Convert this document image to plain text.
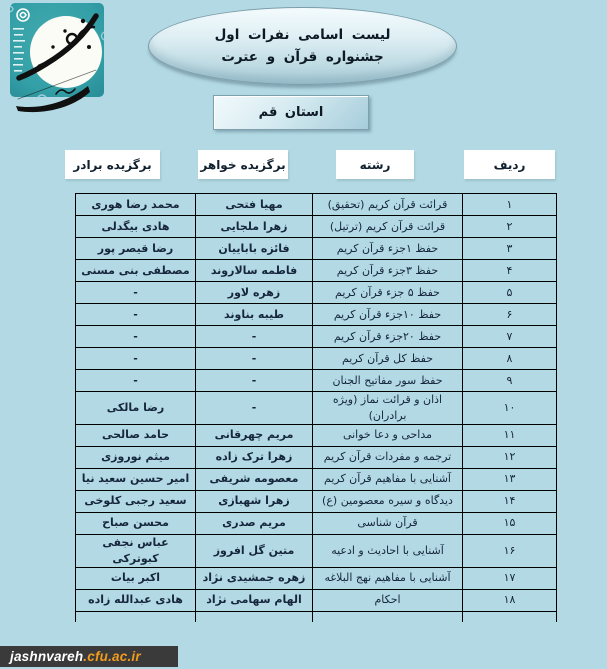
لیست اسامی نفرات اول
جشنواره قرآن و عترت
استان قم
برگزیده برادر	برگزیده خواهر	رشته	ردیف
۱	قرائت قرآن کریم (تحقیق)	مهیا فتحی	محمد رضا هوری
۲	قرائت قرآن کریم (ترتیل)	زهرا ملجایی	هادی بیگدلی
۳	حفظ ۱جزء قرآن کریم	فائزه باباییان	رضا قیصر پور
۴	حفظ ۳جزء قرآن کریم	فاطمه سالاروند	مصطفی بنی مسنی
۵	حفظ ۵ جزء قرآن کریم	زهره لاور	-
۶	حفظ ۱۰جزء قرآن کریم	طیبه بناوند	-
۷	حفظ ۲۰جزء قرآن کریم	-	-
۸	حفظ کل قرآن کریم	-	-
۹	حفظ سور مفاتیح الجنان	-	-
۱۰	اذان و قرائت نماز (ویژه برادران)	-	رضا مالکی
۱۱	مداحی و دعا خوانی	مریم چهرقانی	حامد صالحی
۱۲	ترجمه و مفردات قرآن کریم	زهرا ترک زاده	میثم نوروزی
۱۳	آشنایی با مفاهیم قرآن کریم	معصومه شریفی	امیر حسین سعید نیا
۱۴	دیدگاه و سیره معصومین (ع)	زهرا شهبازی	سعید رجبی کلوخی
۱۵	قرآن شناسی	مریم صدری	محسن صباح
۱۶	آشنایی با احادیث و ادعیه	متین گل افروز	عباس نجفی کبوترکی
۱۷	آشنایی با مفاهیم نهج البلاغه	زهره جمشیدی نژاد	اکبر بیات
۱۸	احکام	الهام سهامی نژاد	هادی عبدالله زاده

jashnvareh .cfu.ac.ir
